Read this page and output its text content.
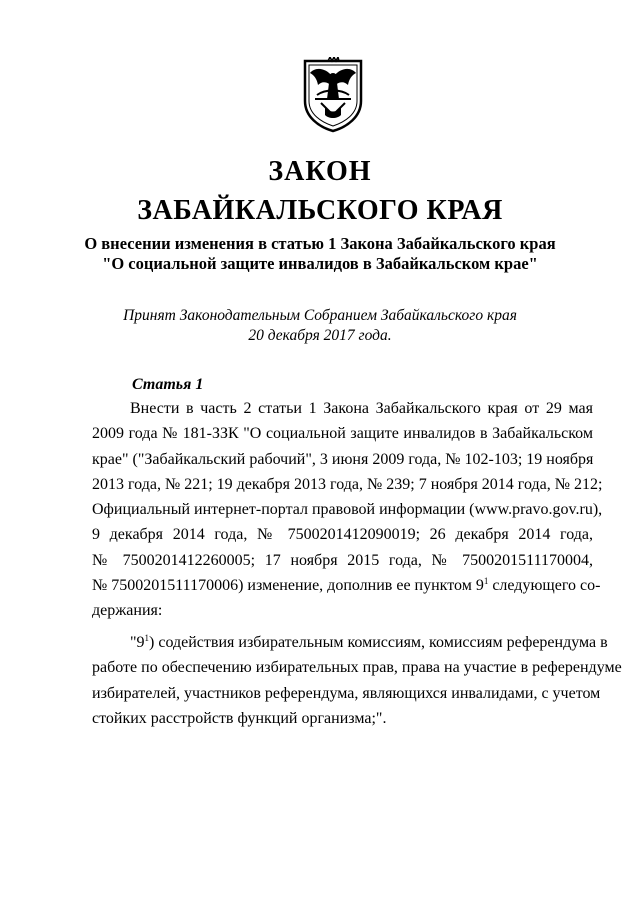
ЗАКОН
ЗАБАЙКАЛЬСКОГО КРАЯ
О внесении изменения в статью 1 Закона Забайкальского края
"О социальной защите инвалидов в Забайкальском крае"
Принят Законодательным Собранием Забайкальского края
20 декабря 2017 года.
Статья 1
Внести в часть 2 статьи 1 Закона Забайкальского края от 29 мая
2009 года № 181-ЗЗК "О социальной защите инвалидов в Забайкальском
крае" ("Забайкальский рабочий", 3 июня 2009 года, № 102-103; 19 ноября
2013 года, № 221; 19 декабря 2013 года, № 239; 7 ноября 2014 года, № 212;
Официальный интернет-портал правовой информации (www.pravo.gov.ru),
9 декабря 2014 года, № 7500201412090019; 26 декабря 2014 года,
№ 7500201412260005; 17 ноября 2015 года, № 7500201511170004,
№ 7500201511170006) изменение, дополнив ее пунктом $9^1$ следующего со-
держания:
"$9^1$) содействия избирательным комиссиям, комиссиям референдума в
работе по обеспечению избирательных прав, права на участие в референдуме
избирателей, участников референдума, являющихся инвалидами, с учетом
стойких расстройств функций организма;".
